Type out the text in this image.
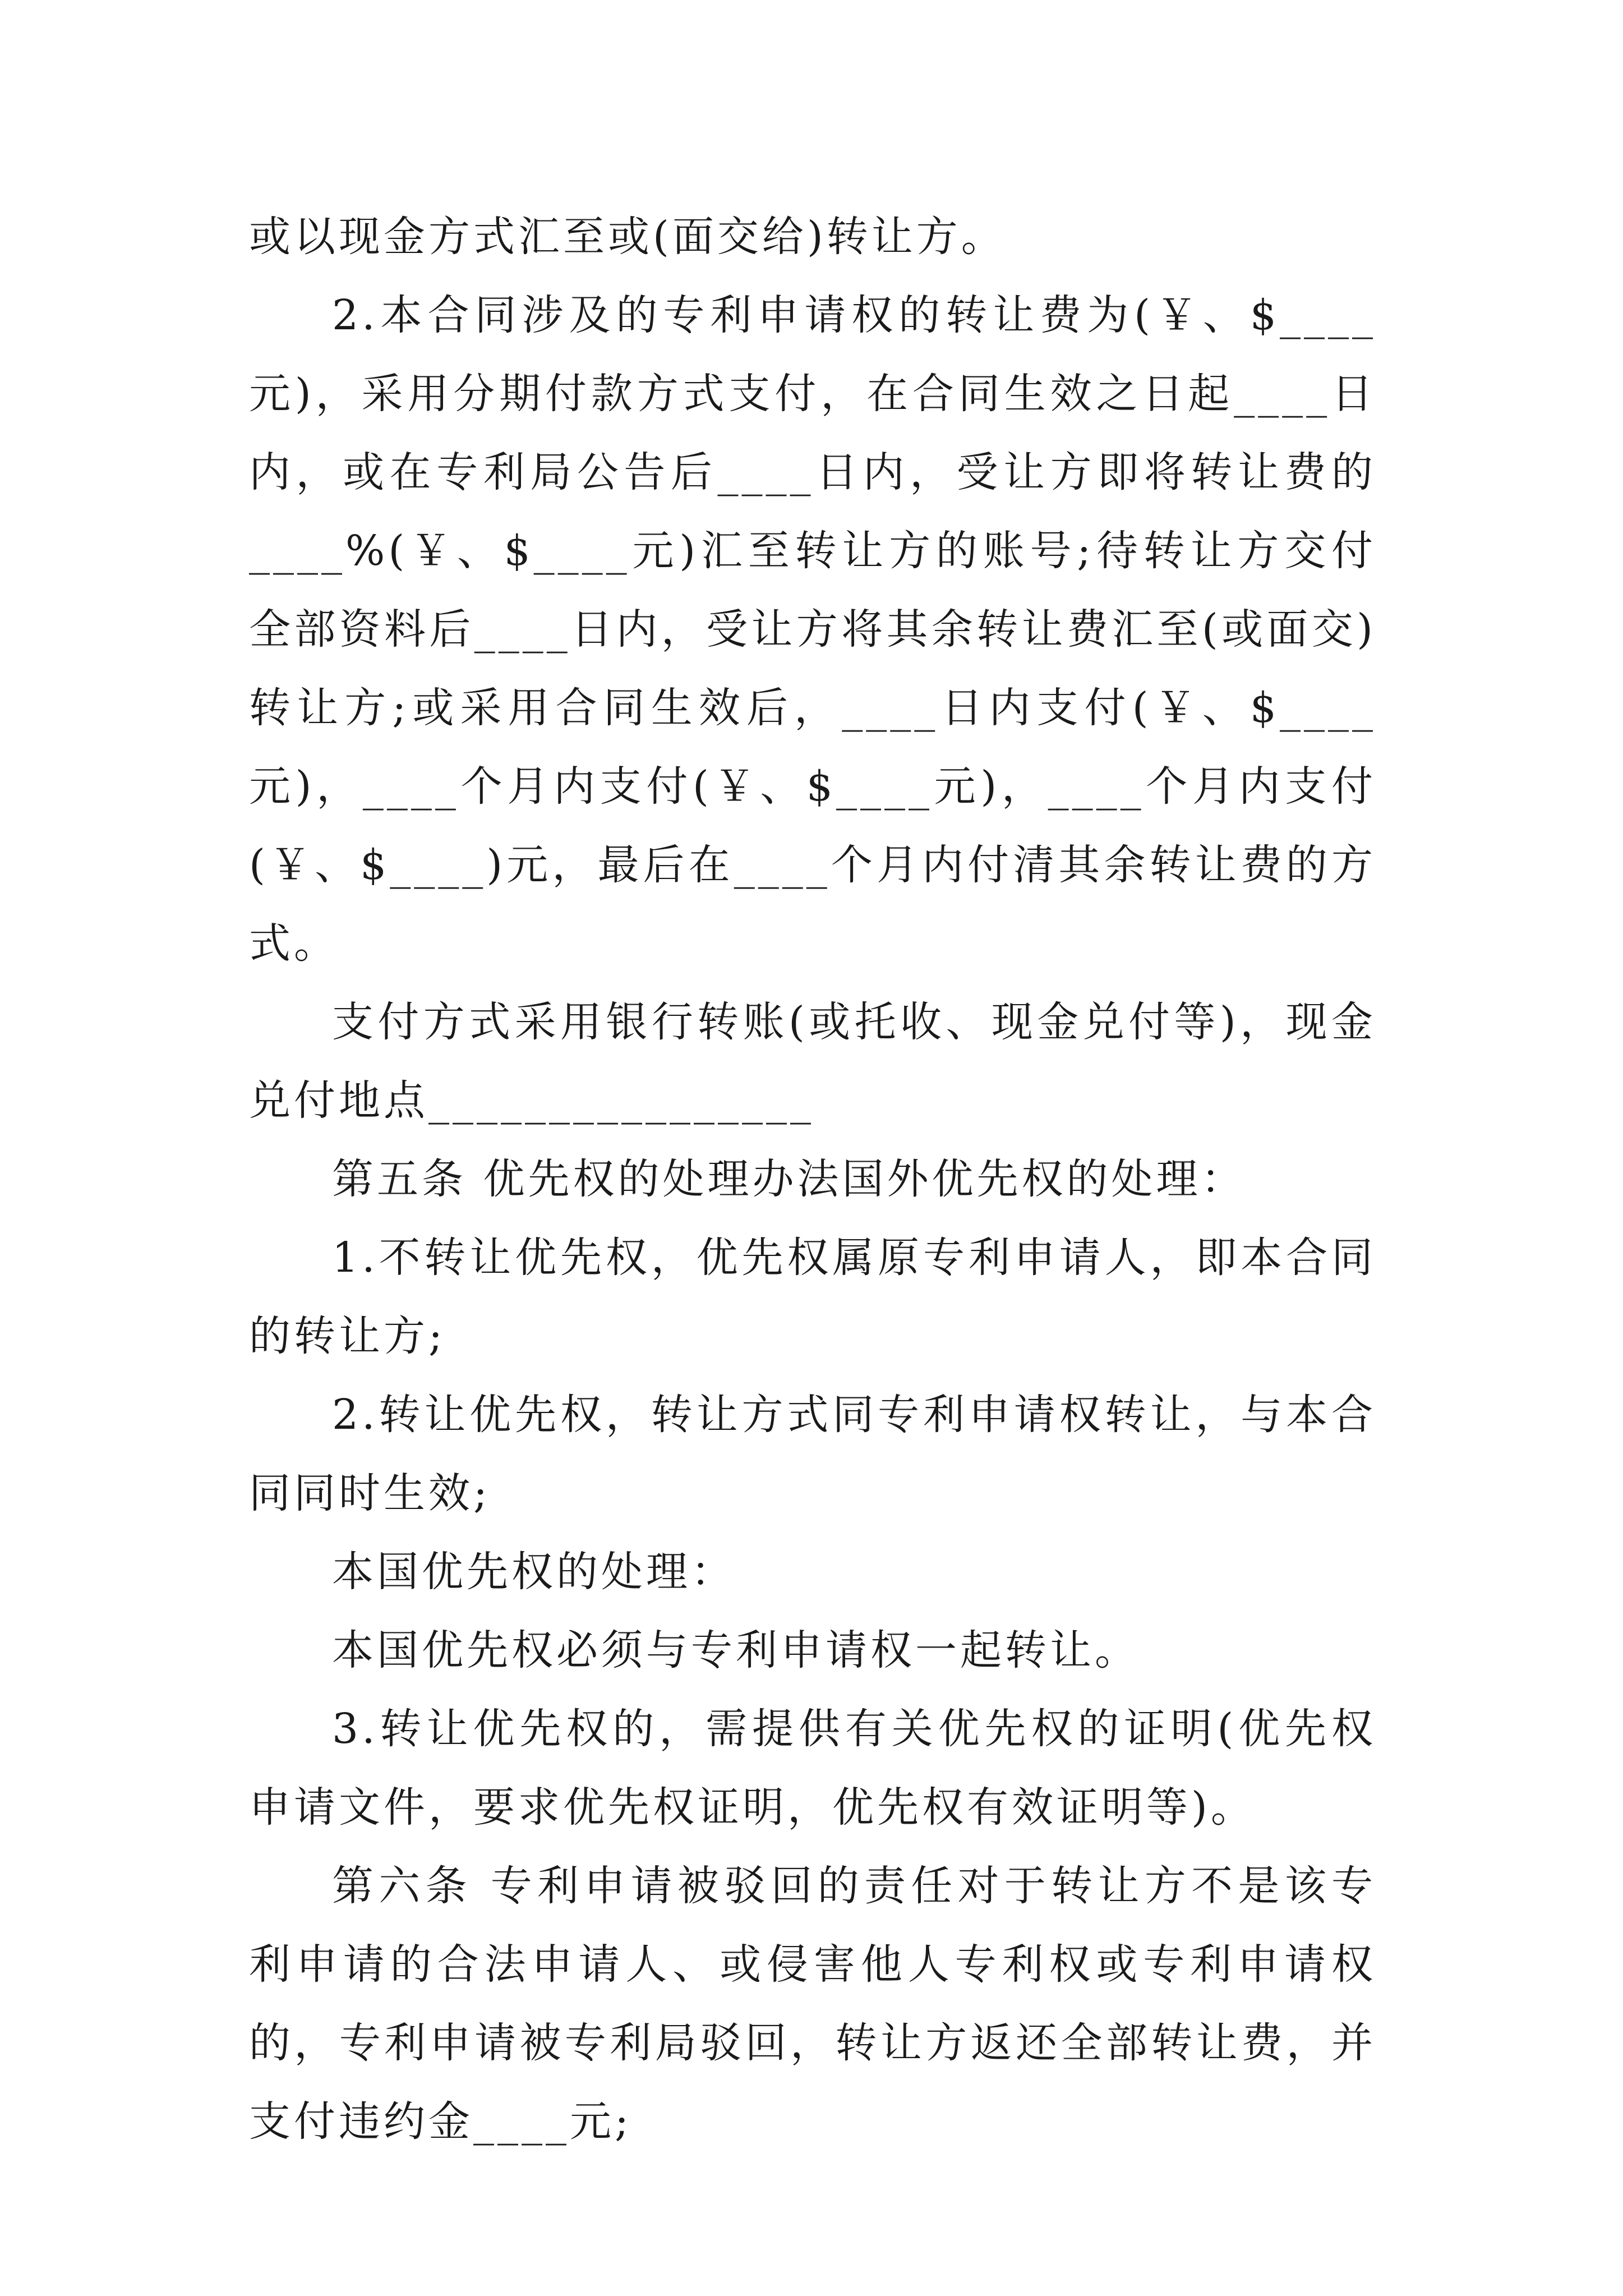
或以现金方式汇至或(面交给)转让方。

2.本合同涉及的专利申请权的转让费为(￥、$____元)，采用分期付款方式支付，在合同生效之日起____日内，或在专利局公告后____日内，受让方即将转让费的____%(￥、$____元)汇至转让方的账号;待转让方交付全部资料后____日内，受让方将其余转让费汇至(或面交)转让方;或采用合同生效后，____日内支付(￥、$____元)，____个月内支付(￥、$____元)，____个月内支付(￥、$____)元，最后在____个月内付清其余转让费的方式。

支付方式采用银行转账(或托收、现金兑付等)，现金兑付地点________________

第五条 优先权的处理办法国外优先权的处理：

1.不转让优先权，优先权属原专利申请人，即本合同的转让方;

2.转让优先权，转让方式同专利申请权转让，与本合同同时生效;

本国优先权的处理：

本国优先权必须与专利申请权一起转让。

3.转让优先权的，需提供有关优先权的证明(优先权申请文件，要求优先权证明，优先权有效证明等)。

第六条 专利申请被驳回的责任对于转让方不是该专利申请的合法申请人、或侵害他人专利权或专利申请权的，专利申请被专利局驳回，转让方返还全部转让费，并支付违约金____元;
